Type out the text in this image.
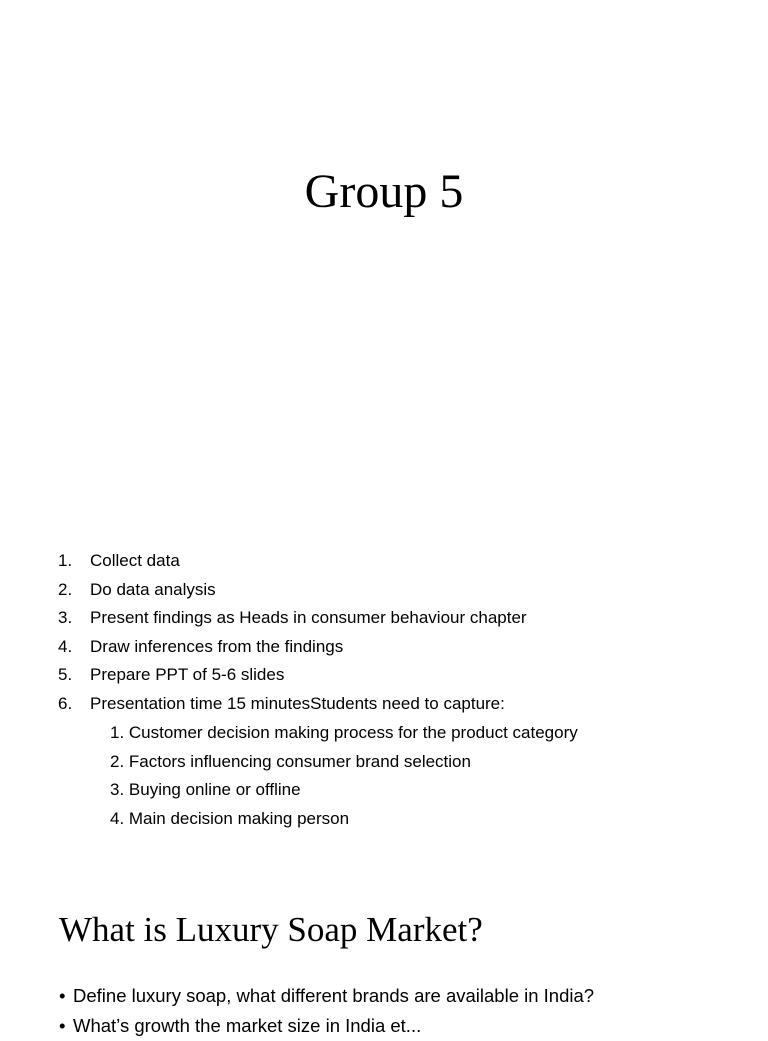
Group 5
1. Collect data
2. Do data analysis
3. Present findings as Heads in consumer behaviour chapter
4. Draw inferences from the findings
5. Prepare PPT of 5-6 slides
6. Presentation time 15 minutesStudents need to capture:
1. Customer decision making process for the product category
2. Factors influencing consumer brand selection
3. Buying online or offline
4. Main decision making person
What is Luxury Soap Market?
• Define luxury soap, what different brands are available in India?
• What’s growth the market size in India et...
